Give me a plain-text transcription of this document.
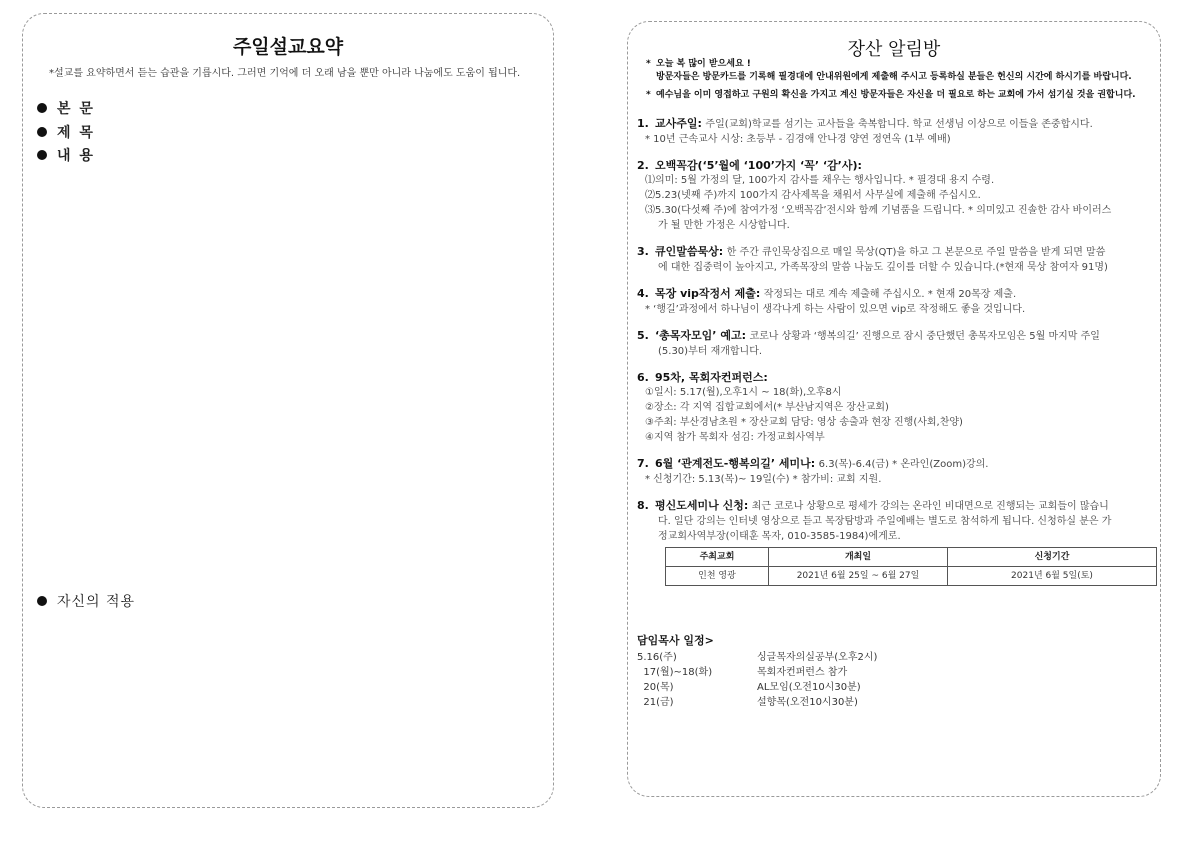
주일설교요약
*설교를 요약하면서 듣는 습관을 기릅시다. 그러면 기억에 더 오래 남을 뿐만 아니라 나눔에도 도움이 됩니다.
본 문
제 목
내 용
자신의 적용
장산 알림방
* 오늘 복 많이 받으세요 !
방문자들은 방문카드를 기록해 필경대에 안내위원에게 제출해 주시고 등록하실 분들은 헌신의 시간에 하시기를 바랍니다.
* 예수님을 이미 영접하고 구원의 확신을 가지고 계신 방문자들은 자신을 더 필요로 하는 교회에 가서 섬기실 것을 권합니다.
1. 교사주일: 주일(교회)학교를 섬기는 교사들을 축복합니다. 학교 선생님 이상으로 이들을 존중합시다.
* 10년 근속교사 시상: 초등부 - 김경애 안나경 양연 정연옥 (1부 예배)
2. 오백꼭감(‘5’월에 ‘100’가지 ‘꼭’ ‘감’사):
⑴의미: 5월 가정의 달, 100가지 감사를 채우는 행사입니다. * 필경대 용지 수령.
⑵5.23(넷째 주)까지 100가지 감사제목을 채워서 사무실에 제출해 주십시오.
⑶5.30(다섯째 주)에 참여가정 ‘오백꼭감’전시와 함께 기념품을 드립니다. * 의미있고 진솔한 감사 바이러스
가 될 만한 가정은 시상합니다.
3. 큐인말씀묵상: 한 주간 큐인묵상집으로 매일 묵상(QT)을 하고 그 본문으로 주일 말씀을 받게 되면 말씀
에 대한 집중력이 높아지고, 가족목장의 말씀 나눔도 깊이를 더할 수 있습니다.(*현재 묵상 참여자 91명)
4. 목장 vip작정서 제출: 작정되는 대로 계속 제출해 주십시오. * 현재 20목장 제출.
* ‘행길’과정에서 하나님이 생각나게 하는 사람이 있으면 vip로 작정해도 좋을 것입니다.
5. ‘총목자모임’ 예고: 코로나 상황과 ‘행복의길’ 진행으로 잠시 중단했던 총목자모임은 5월 마지막 주일
(5.30)부터 재개합니다.
6. 95차, 목회자컨퍼런스:
①일시: 5.17(월),오후1시 ~ 18(화),오후8시
②장소: 각 지역 집합교회에서(* 부산남지역은 장산교회)
③주최: 부산경남초원 * 장산교회 담당: 영상 송출과 현장 진행(사회,찬양)
④지역 참가 목회자 섬김: 가정교회사역부
7. 6월 ‘관계전도-행복의길’ 세미나: 6.3(목)-6.4(금) * 온라인(Zoom)강의.
* 신청기간: 5.13(목)~ 19일(수) * 참가비: 교회 지원.
8. 평신도세미나 신청: 최근 코로나 상황으로 평세가 강의는 온라인 비대면으로 진행되는 교회들이 많습니
다. 일단 강의는 인터넷 영상으로 듣고 목장탐방과 주일예배는 별도로 참석하게 됩니다. 신청하실 분은 가
정교회사역부장(이태훈 목자, 010-3585-1984)에게로.
주최교회	개최일	신청기간
인천 영광	2021년 6월 25일 ~ 6월 27일	2021년 6월 5일(토)
담임목사 일정>
5.16(주)	싱글목자의실공부(오후2시)
17(월)~18(화)	목회자컨퍼런스 참가
20(목)	AL모임(오전10시30분)
21(금)	설향목(오전10시30분)
